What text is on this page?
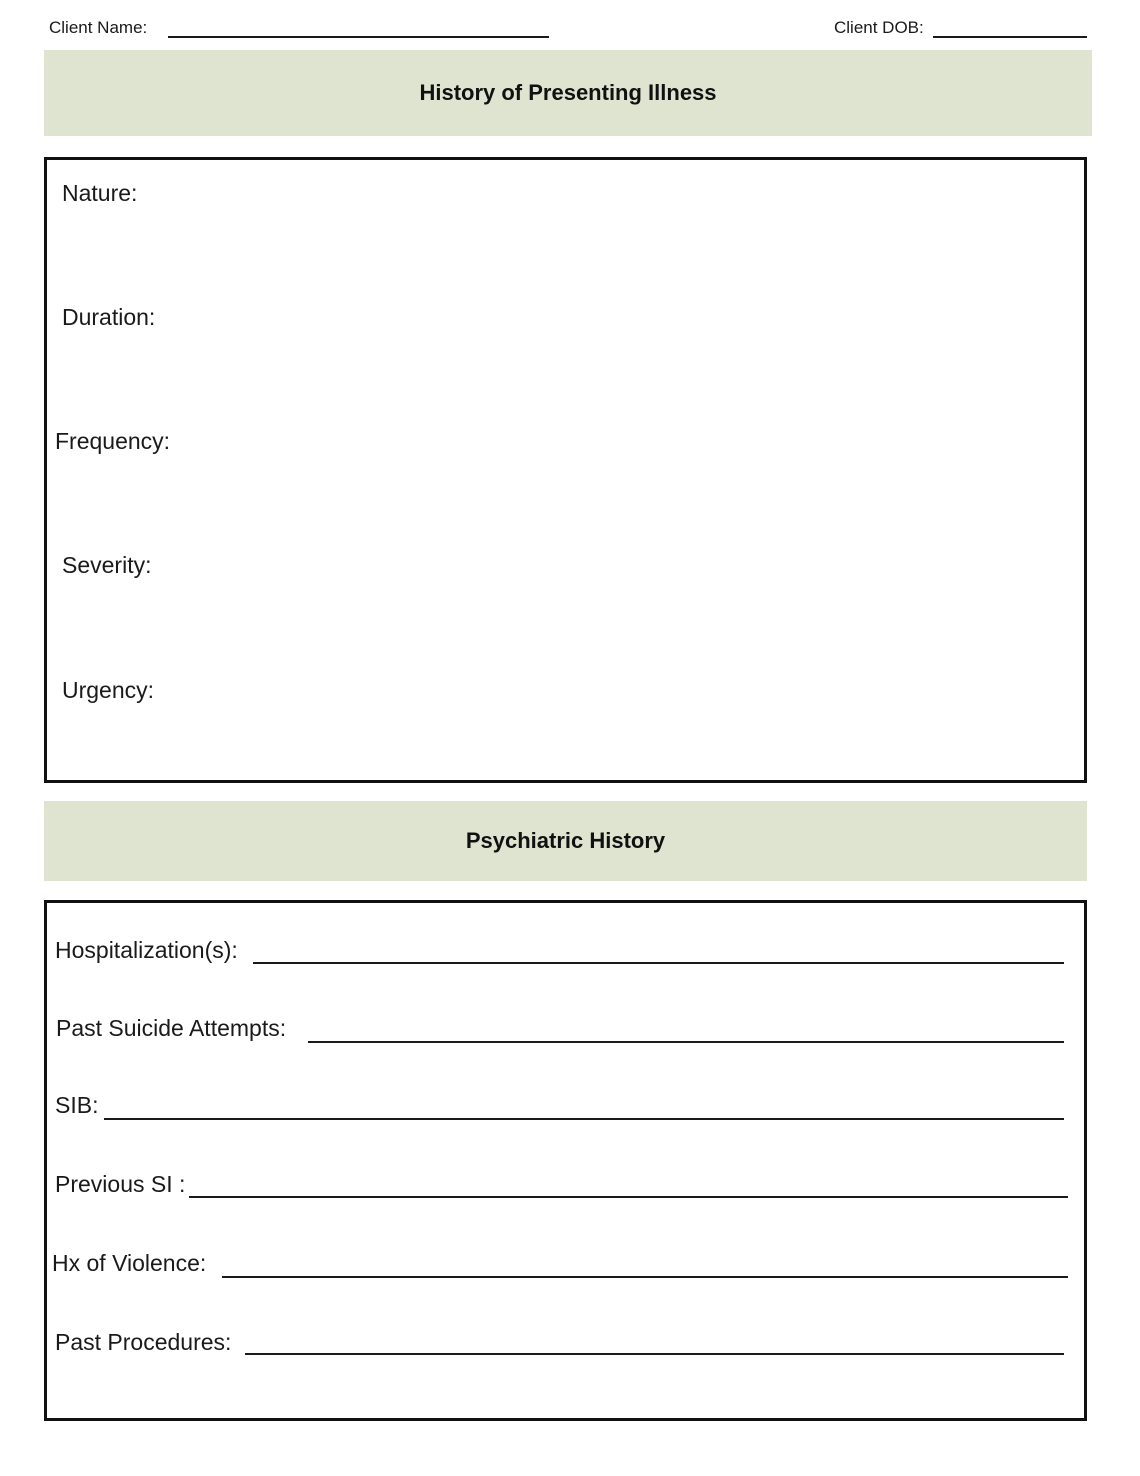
Client Name:	Client DOB:
History of Presenting Illness
Nature:
Duration:
Frequency:
Severity:
Urgency:
Psychiatric History
Hospitalization(s):
Past Suicide Attempts:
SIB:
Previous SI :
Hx of Violence:
Past Procedures:
